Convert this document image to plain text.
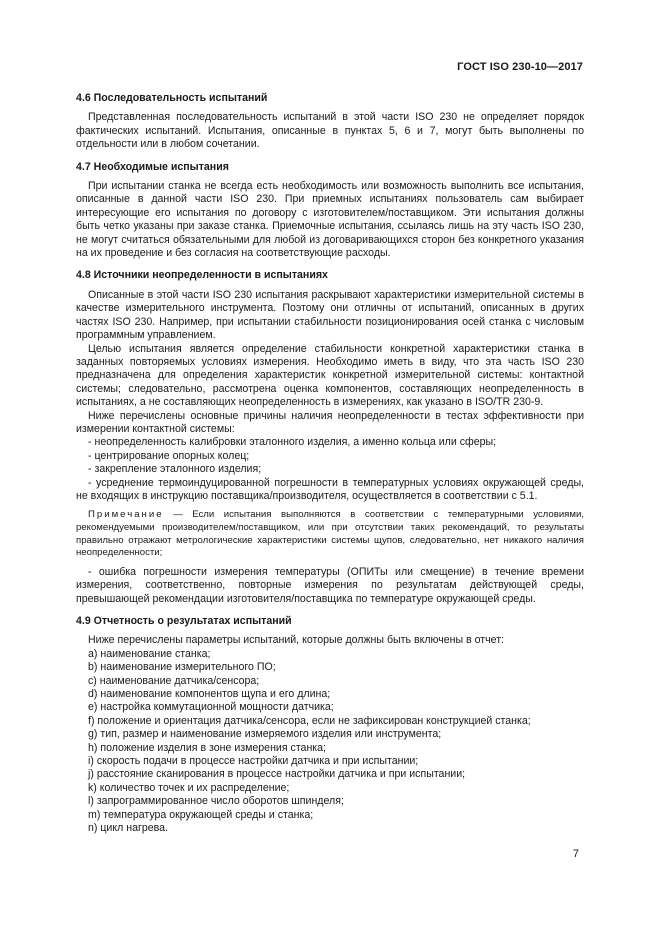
ГОСТ ISO 230-10—2017
4.6 Последовательность испытаний

Представленная последовательность испытаний в этой части ISO 230 не определяет порядок фактических испытаний. Испытания, описанные в пунктах 5, 6 и 7, могут быть выполнены по отдельности или в любом сочетании.

4.7 Необходимые испытания

При испытании станка не всегда есть необходимость или возможность выполнить все испытания, описанные в данной части ISO 230. При приемных испытаниях пользователь сам выбирает интересующие его испытания по договору с изготовителем/поставщиком. Эти испытания должны быть четко указаны при заказе станка. Приемочные испытания, ссылаясь лишь на эту часть ISO 230, не могут считаться обязательными для любой из договаривающихся сторон без конкретного указания на их проведение и без согласия на соответствующие расходы.

4.8 Источники неопределенности в испытаниях

Описанные в этой части ISO 230 испытания раскрывают характеристики измерительной системы в качестве измерительного инструмента. Поэтому они отличны от испытаний, описанных в других частях ISO 230. Например, при испытании стабильности позиционирования осей станка с числовым программным управлением.

Целью испытания является определение стабильности конкретной характеристики станка в заданных повторяемых условиях измерения. Необходимо иметь в виду, что эта часть ISO 230 предназначена для определения характеристик конкретной измерительной системы: контактной системы; следовательно, рассмотрена оценка компонентов, составляющих неопределенность в испытаниях, а не составляющих неопределенность в измерениях, как указано в ISO/TR 230-9.

Ниже перечислены основные причины наличия неопределенности в тестах эффективности при измерении контактной системы:

- неопределенность калибровки эталонного изделия, а именно кольца или сферы;
- центрирование опорных колец;
- закрепление эталонного изделия;
- усреднение термоиндуцированной погрешности в температурных условиях окружающей среды, не входящих в инструкцию поставщика/производителя, осуществляется в соответствии с 5.1.
Примечание — Если испытания выполняются в соответствии с температурными условиями, рекомендуемыми производителем/поставщиком, или при отсутствии таких рекомендаций, то результаты правильно отражают метрологические характеристики системы щупов, следовательно, нет никакого наличия неопределенности;
- ошибка погрешности измерения температуры (ОПИТы или смещение) в течение времени измерения, соответственно, повторные измерения по результатам действующей среды, превышающей рекомендации изготовителя/поставщика по температуре окружающей среды.
4.9 Отчетность о результатах испытаний

Ниже перечислены параметры испытаний, которые должны быть включены в отчет:

a) наименование станка;
b) наименование измерительного ПО;
c) наименование датчика/сенсора;
d) наименование компонентов щупа и его длина;
e) настройка коммутационной мощности датчика;
f) положение и ориентация датчика/сенсора, если не зафиксирован конструкцией станка;
g) тип, размер и наименование измеряемого изделия или инструмента;
h) положение изделия в зоне измерения станка;
i) скорость подачи в процессе настройки датчика и при испытании;
j) расстояние сканирования в процессе настройки датчика и при испытании;
k) количество точек и их распределение;
l) запрограммированное число оборотов шпинделя;
m) температура окружающей среды и станка;
n) цикл нагрева.
7
